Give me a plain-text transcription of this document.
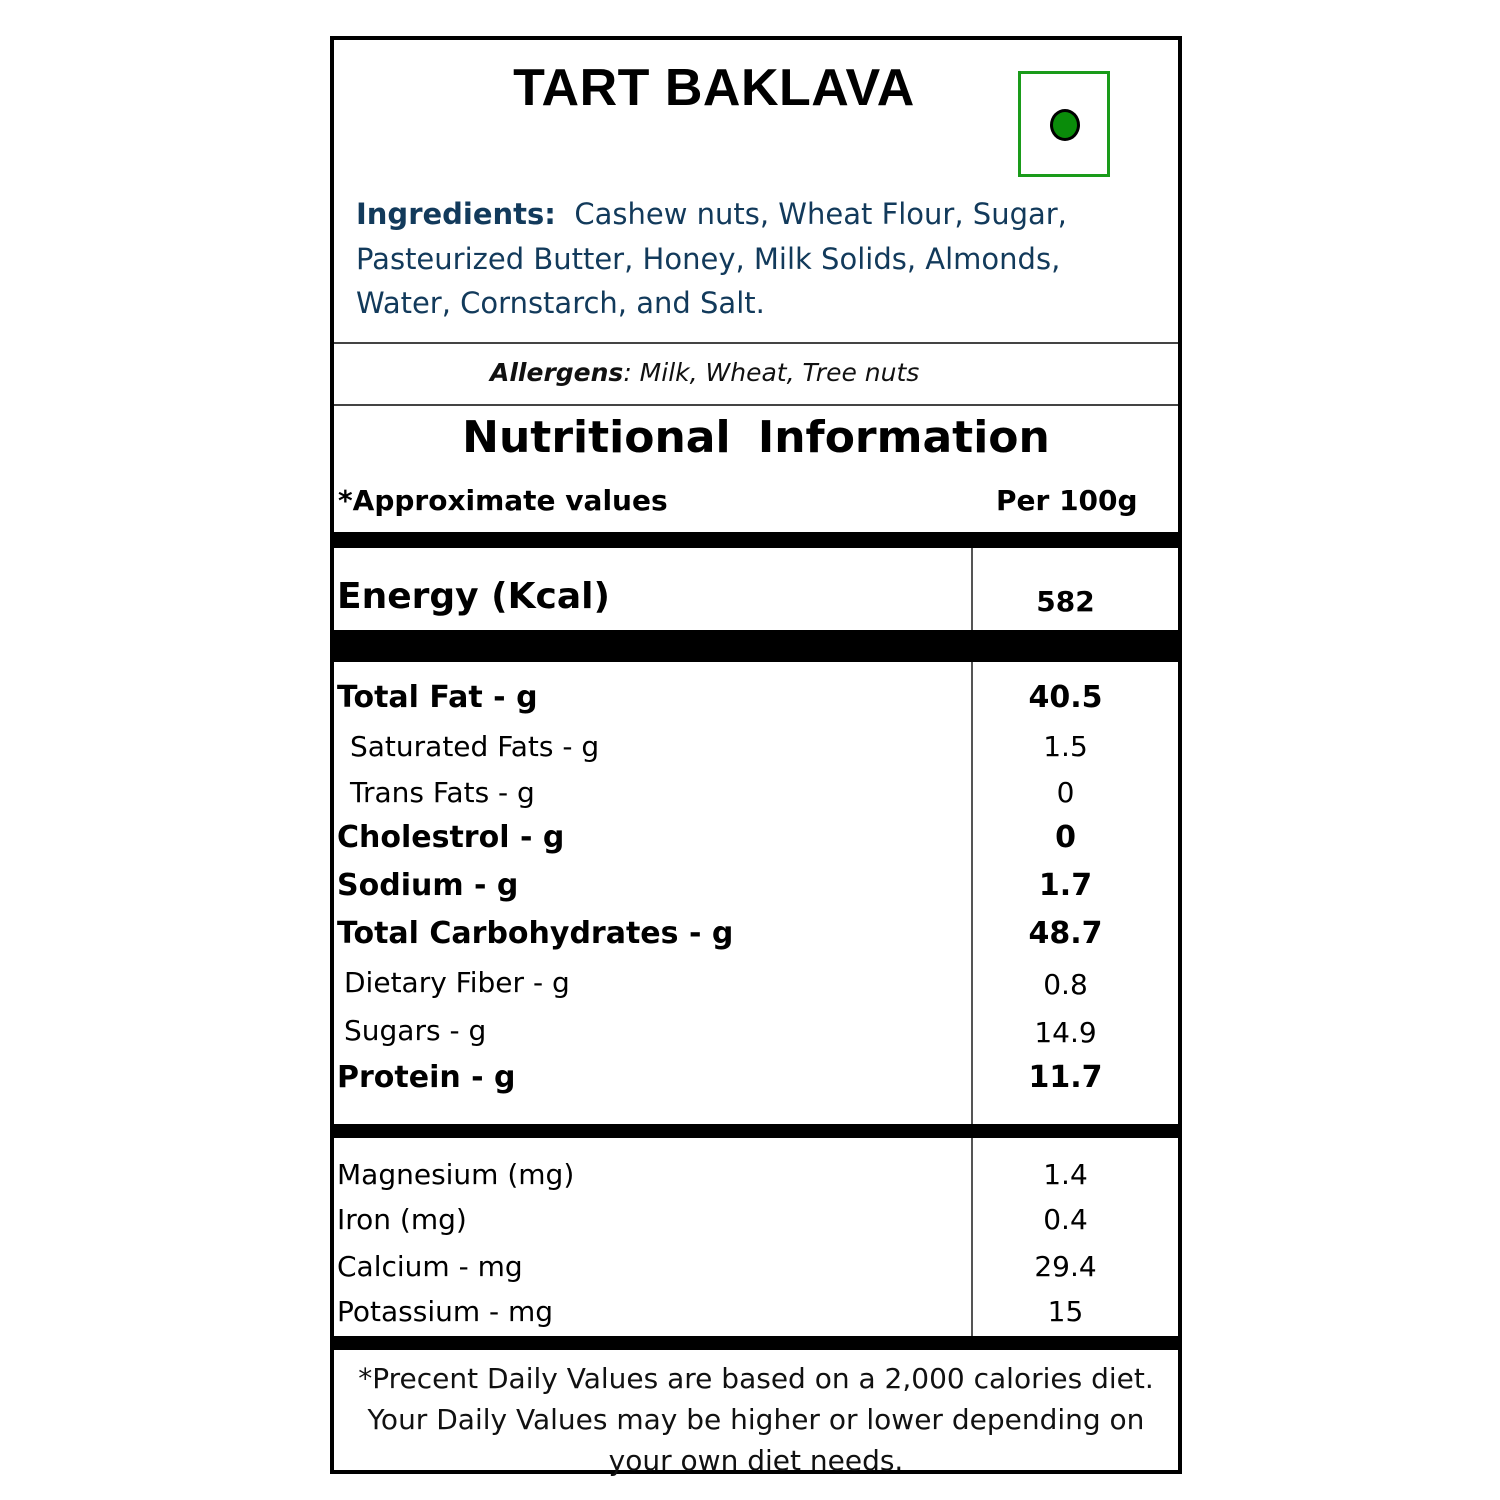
TART BAKLAVA
Ingredients: Cashew nuts, Wheat Flour, Sugar,
Pasteurized Butter, Honey, Milk Solids, Almonds,
Water, Cornstarch, and Salt.
Allergens: Milk, Wheat, Tree nuts
Nutritional Information
*Approximate values	Per 100g
Energy (Kcal)	582
Total Fat - g	40.5
Saturated Fats - g	1.5
Trans Fats - g	0
Cholestrol - g	0
Sodium - g	1.7
Total Carbohydrates - g	48.7
Dietary Fiber - g	0.8
Sugars - g	14.9
Protein - g	11.7
Magnesium (mg)	1.4
Iron (mg)	0.4
Calcium - mg	29.4
Potassium - mg	15
*Precent Daily Values are based on a 2,000 calories diet.
Your Daily Values may be higher or lower depending on
your own diet needs.
